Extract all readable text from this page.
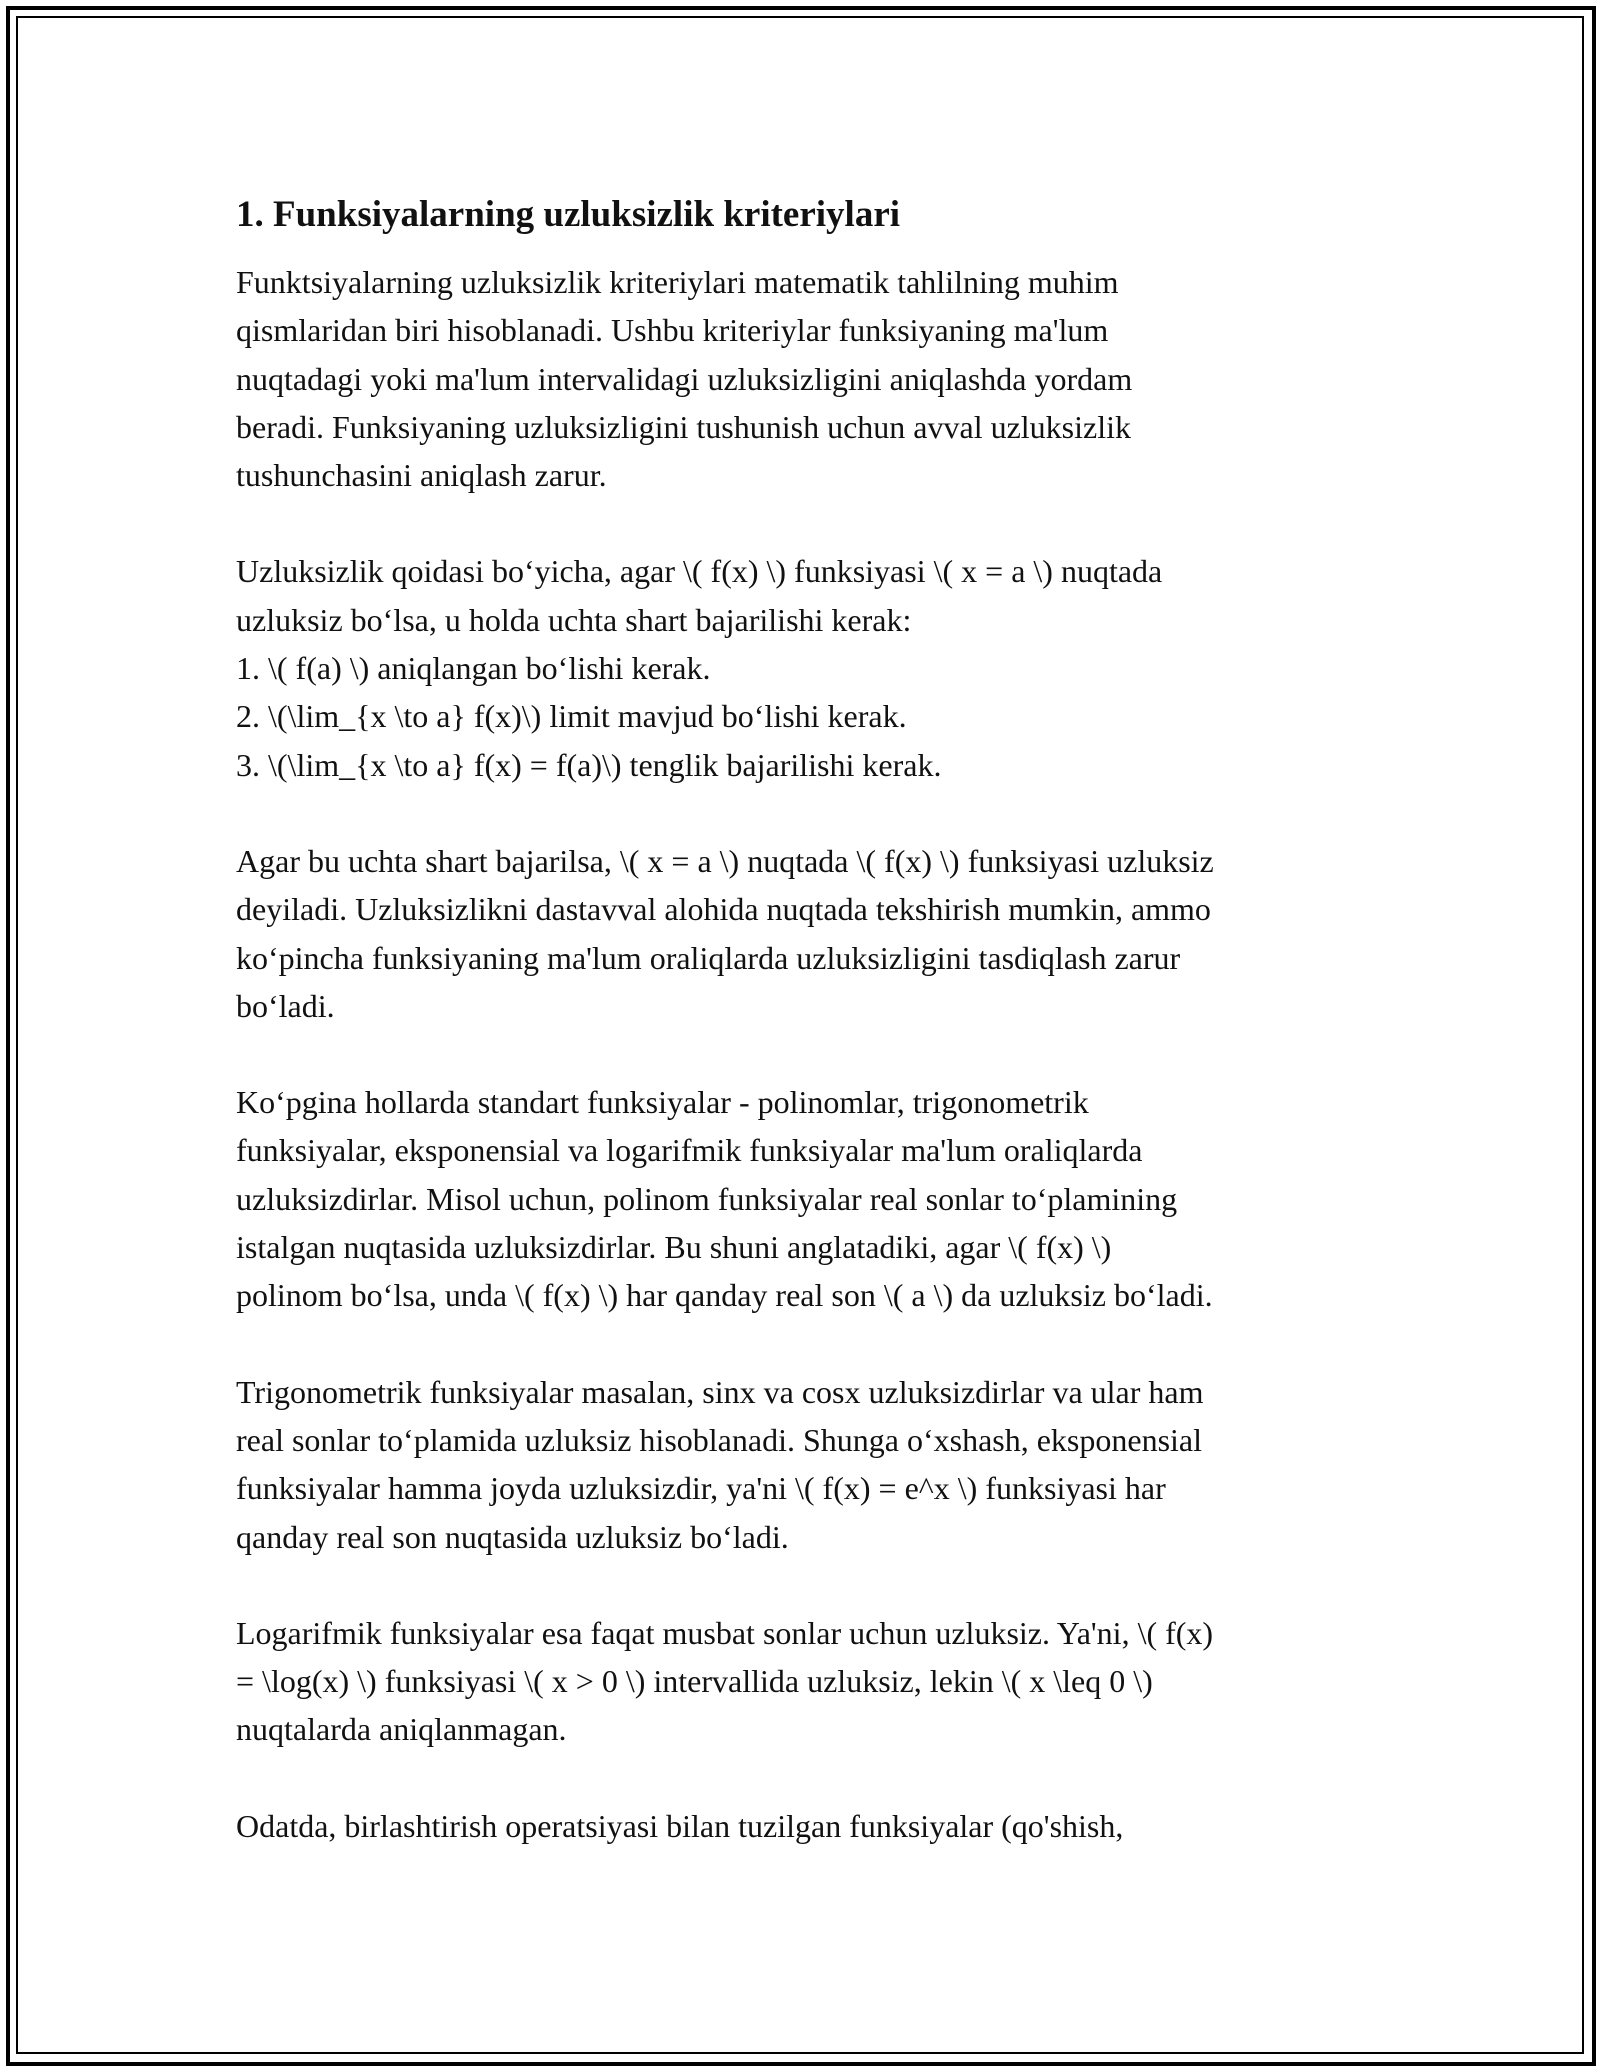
1. Funksiyalarning uzluksizlik kriteriylari
Funktsiyalarning uzluksizlik kriteriylari matematik tahlilning muhim
qismlaridan biri hisoblanadi. Ushbu kriteriylar funksiyaning ma'lum
nuqtadagi yoki ma'lum intervalidagi uzluksizligini aniqlashda yordam
beradi. Funksiyaning uzluksizligini tushunish uchun avval uzluksizlik
tushunchasini aniqlash zarur.
Uzluksizlik qoidasi bo‘yicha, agar \( f(x) \) funksiyasi \( x = a \) nuqtada
uzluksiz bo‘lsa, u holda uchta shart bajarilishi kerak:
1. \( f(a) \) aniqlangan bo‘lishi kerak.
2. \(\lim_{x \to a} f(x)\) limit mavjud bo‘lishi kerak.
3. \(\lim_{x \to a} f(x) = f(a)\) tenglik bajarilishi kerak.
Agar bu uchta shart bajarilsa, \( x = a \) nuqtada \( f(x) \) funksiyasi uzluksiz
deyiladi. Uzluksizlikni dastavval alohida nuqtada tekshirish mumkin, ammo
ko‘pincha funksiyaning ma'lum oraliqlarda uzluksizligini tasdiqlash zarur
bo‘ladi.
Ko‘pgina hollarda standart funksiyalar - polinomlar, trigonometrik
funksiyalar, eksponensial va logarifmik funksiyalar ma'lum oraliqlarda
uzluksizdirlar. Misol uchun, polinom funksiyalar real sonlar to‘plamining
istalgan nuqtasida uzluksizdirlar. Bu shuni anglatadiki, agar \( f(x) \)
polinom bo‘lsa, unda \( f(x) \) har qanday real son \( a \) da uzluksiz bo‘ladi.
Trigonometrik funksiyalar masalan, sinx va cosx uzluksizdirlar va ular ham
real sonlar to‘plamida uzluksiz hisoblanadi. Shunga o‘xshash, eksponensial
funksiyalar hamma joyda uzluksizdir, ya'ni \( f(x) = e^x \) funksiyasi har
qanday real son nuqtasida uzluksiz bo‘ladi.
Logarifmik funksiyalar esa faqat musbat sonlar uchun uzluksiz. Ya'ni, \( f(x)
= \log(x) \) funksiyasi \( x > 0 \) intervallida uzluksiz, lekin \( x \leq 0 \)
nuqtalarda aniqlanmagan.
Odatda, birlashtirish operatsiyasi bilan tuzilgan funksiyalar (qo'shish,
